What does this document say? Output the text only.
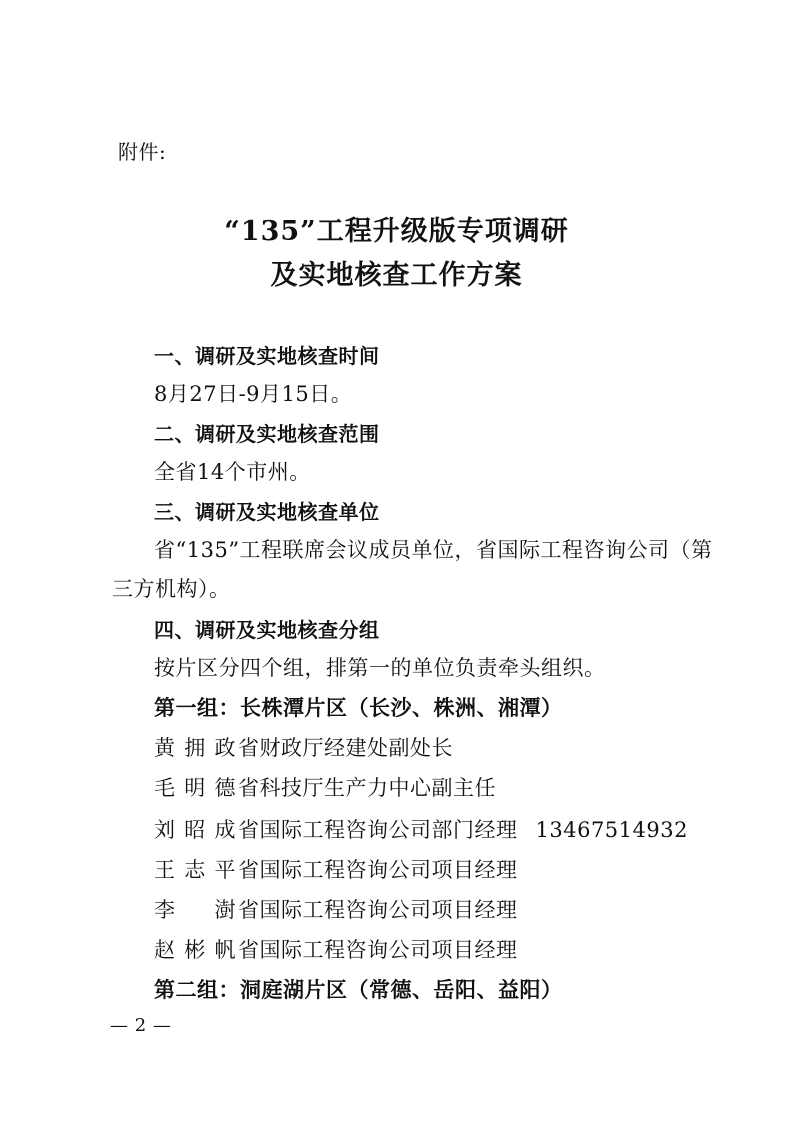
附件:
“135”工程升级版专项调研
及实地核查工作方案
一、调研及实地核查时间
8月27日-9月15日。
二、调研及实地核查范围
全省14个市州。
三、调研及实地核查单位
省“135”工程联席会议成员单位，省国际工程咨询公司（第
三方机构）。
四、调研及实地核查分组
按片区分四个组，排第一的单位负责牵头组织。
第一组：长株潭片区（长沙、株洲、湘潭）
黄拥政 省财政厅经建处副处长
毛明德 省科技厅生产力中心副主任
刘昭成 省国际工程咨询公司部门经理 13467514932
王志平 省国际工程咨询公司项目经理
李澍 省国际工程咨询公司项目经理
赵彬帆 省国际工程咨询公司项目经理
第二组：洞庭湖片区（常德、岳阳、益阳）
— 2 —
